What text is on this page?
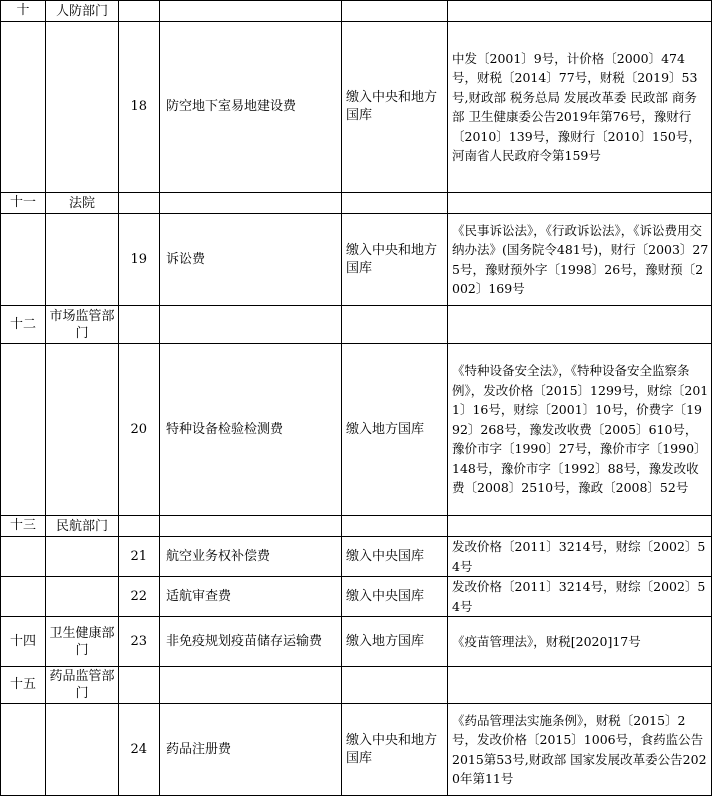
十	人防部门				
		18	防空地下室易地建设费	缴入中央和地方国库	中发〔2001〕9号，计价格〔2000〕474号，财税〔2014〕77号，财税〔2019〕53号,财政部 税务总局 发展改革委 民政部 商务部 卫生健康委公告2019年第76号，豫财行〔2010〕139号，豫财行〔2010〕150号，河南省人民政府令第159号
十一	法院				
		19	诉讼费	缴入中央和地方国库	《民事诉讼法》，《行政诉讼法》，《诉讼费用交纳办法》(国务院令481号)，财行〔2003〕275号，豫财预外字〔1998〕26号，豫财预〔2002〕169号
十二	市场监管部门				
		20	特种设备检验检测费	缴入地方国库	《特种设备安全法》，《特种设备安全监察条例》，发改价格〔2015〕1299号，财综〔2011〕16号，财综〔2001〕10号，价费字〔1992〕268号，豫发改收费〔2005〕610号，豫价市字〔1990〕27号，豫价市字〔1990〕148号，豫价市字〔1992〕88号，豫发改收费〔2008〕2510号，豫政〔2008〕52号
十三	民航部门				
		21	航空业务权补偿费	缴入中央国库	发改价格〔2011〕3214号，财综〔2002〕54号
		22	适航审查费	缴入中央国库	发改价格〔2011〕3214号，财综〔2002〕54号
十四	卫生健康部门	23	非免疫规划疫苗储存运输费	缴入地方国库	《疫苗管理法》，财税[2020]17号
十五	药品监管部门				
		24	药品注册费	缴入中央和地方国库	《药品管理法实施条例》，财税〔2015〕2号，发改价格〔2015〕1006号，食药监公告2015第53号,财政部 国家发展改革委公告2020年第11号
